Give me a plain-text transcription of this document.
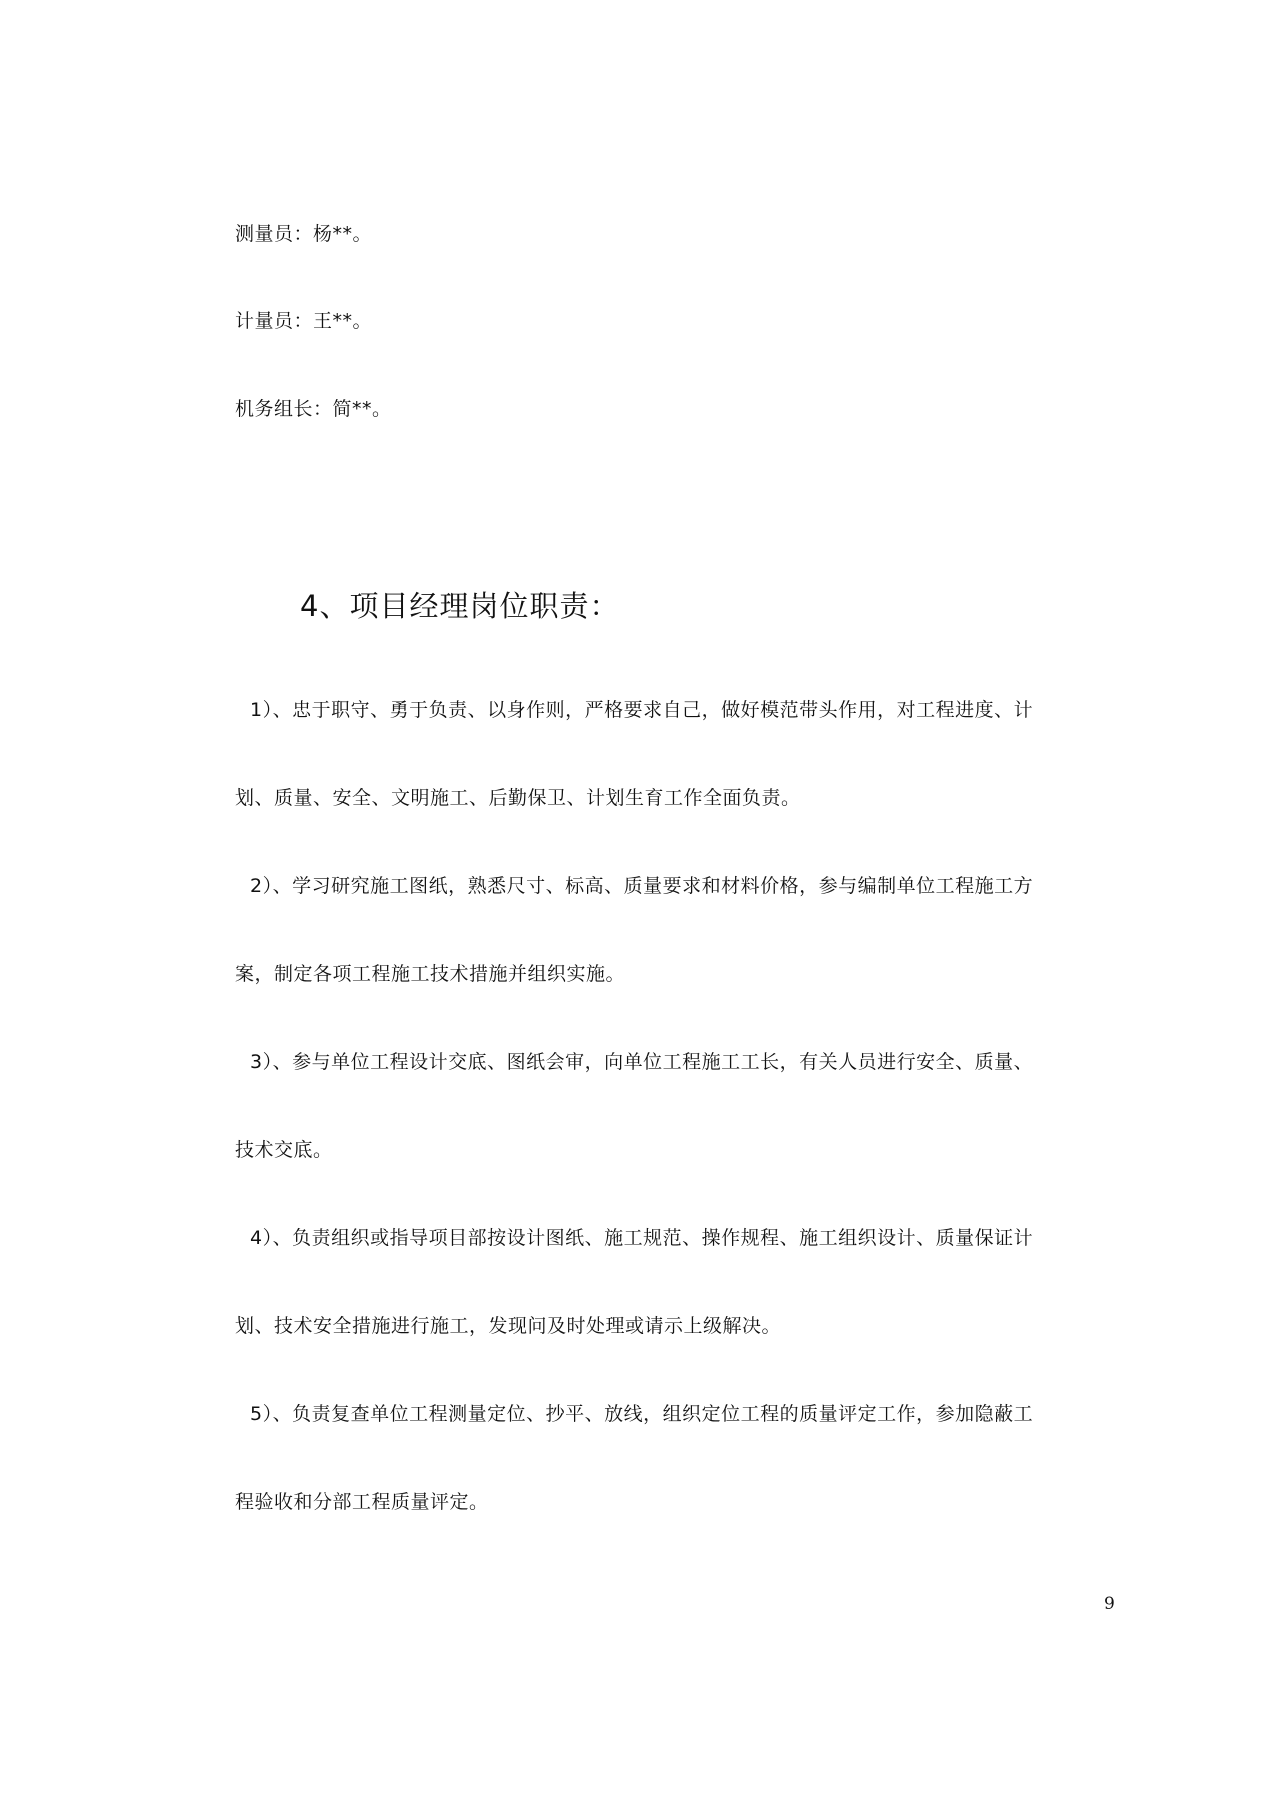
测量员：杨**。
计量员：王**。
机务组长：简**。
4、项目经理岗位职责：
1）、忠于职守、勇于负责、以身作则，严格要求自己，做好模范带头作用，对工程进度、计
划、质量、安全、文明施工、后勤保卫、计划生育工作全面负责。
2）、学习研究施工图纸，熟悉尺寸、标高、质量要求和材料价格，参与编制单位工程施工方
案，制定各项工程施工技术措施并组织实施。
3）、参与单位工程设计交底、图纸会审，向单位工程施工工长，有关人员进行安全、质量、
技术交底。
4）、负责组织或指导项目部按设计图纸、施工规范、操作规程、施工组织设计、质量保证计
划、技术安全措施进行施工，发现问及时处理或请示上级解决。
5）、负责复查单位工程测量定位、抄平、放线，组织定位工程的质量评定工作，参加隐蔽工
程验收和分部工程质量评定。
9
